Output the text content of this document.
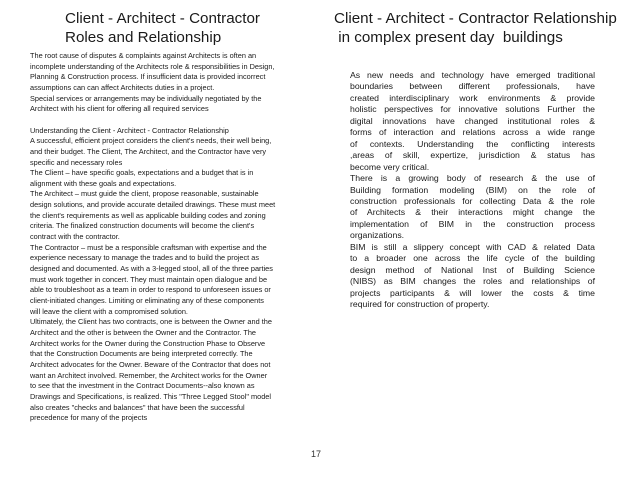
Client - Architect - Contractor
Roles and Relationship
Client - Architect - Contractor Relationship
in complex present day  buildings

The root cause of disputes & complaints against Architects is often an

incomplete understanding of the Architects role & responsibilities in Design,

Planning & Construction process. If insufficient data is provided incorrect

assumptions can can affect Architects duties in a project.

Special services or arrangements may be individually negotiated by the

Architect with his client for offering all required services

Understanding the Client - Architect - Contractor Relationship

A successful, efficient project considers the client's needs, their well being,

and their budget. The Client, The Architect, and the Contractor have very

specific and necessary roles

The Client – have specific goals, expectations and a budget that is in

alignment with these goals and expectations.

The Architect – must guide the client, propose reasonable, sustainable

design solutions, and provide accurate detailed drawings. These must meet

the client's requirements as well as applicable building codes and zoning

criteria. The finalized construction documents will become the client's

contract with the contractor.

The Contractor – must be a responsible craftsman with expertise and the

experience necessary to manage the trades and to build the project as

designed and documented. As with a 3-legged stool, all of the three parties

must work together in concert. They must maintain open dialogue and be

able to troubleshoot as a team in order to respond to unforeseen issues or

client-initiated changes. Limiting or eliminating any of these components

will leave the client with a compromised solution.

Ultimately, the Client has two contracts, one is between the Owner and the

Architect and the other is between the Owner and the Contractor. The

Architect works for the Owner during the Construction Phase to Observe

that the Construction Documents are being interpreted correctly. The

Architect advocates for the Owner. Beware of the Contractor that does not

want an Architect involved. Remember, the Architect works for the Owner

to see that the investment in the Contract Documents--also known as

Drawings and Specifications, is realized. This "Three Legged Stool" model

also creates "checks and balances" that have been the successful

precedence for many of the projects

As new needs and technology have emerged traditional

boundaries between different professionals, have

created interdisciplinary work environments & provide

holistic perspectives for innovative solutions Further the

digital innovations have changed institutional roles &

forms of interaction and relations across a wide range

of contexts. Understanding the conflicting interests

,areas of skill, expertize, jurisdiction & status has

become very critical.

There is a growing body of research & the use of

Building formation modeling (BIM) on the role of

construction professionals for collecting Data & the role

of Architects & their interactions might change the

implementation of BIM in the construction process

organizations.

BIM is still a slippery concept with CAD & related Data

to a broader one across the life cycle of the building

design method of National Inst of Building Science

(NIBS) as BIM changes the roles and relationships of

projects participants & will lower the costs & time

required for construction of property.

17
